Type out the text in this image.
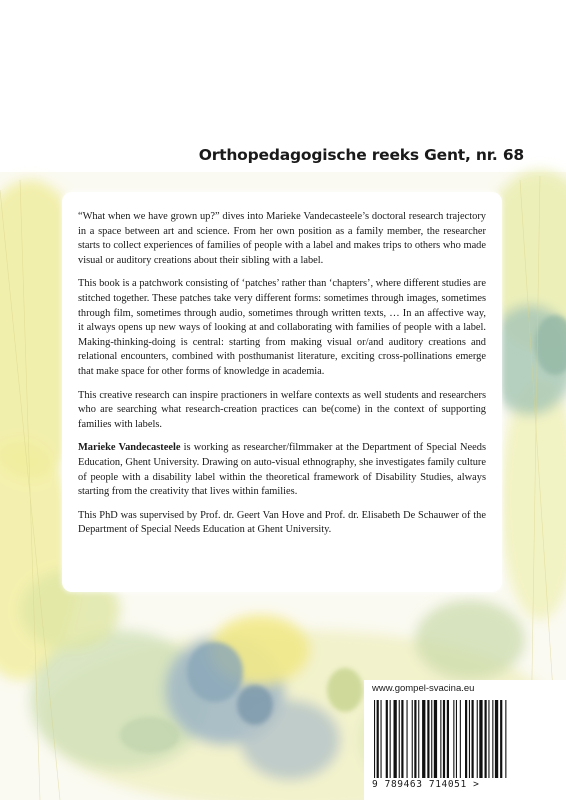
Orthopedagogische reeks Gent, nr. 68

“What when we have grown up?” dives into Marieke Vandecasteele’s doctoral research trajectory in a space between art and science. From her own position as a family member, the researcher starts to collect experiences of families of people with a label and makes trips to others who made visual or auditory creations about their sibling with a label.

This book is a patchwork consisting of ‘patches’ rather than ‘chapters’, where different studies are stitched together. These patches take very different forms: sometimes through images, sometimes through film, sometimes through audio, sometimes through written texts, … In an affective way, it always opens up new ways of looking at and collaborating with families of people with a label. Making-thinking-doing is central: starting from making visual or/and auditory creations and relational encounters, combined with posthumanist literature, exciting cross-pollinations emerge that make space for other forms of knowledge in academia.

This creative research can inspire practioners in welfare contexts as well students and researchers who are searching what research-creation practices can be(come) in the context of supporting families with labels.

Marieke Vandecasteele is working as researcher/filmmaker at the Department of Special Needs Education, Ghent University. Drawing on auto-visual ethnography, she investigates family culture of people with a disability label within the theoretical framework of Disability Studies, always starting from the creativity that lives within families.

This PhD was supervised by Prof. dr. Geert Van Hove and Prof. dr. Elisabeth De Schauwer of the Department of Special Needs Education at Ghent University.

www.gompel-svacina.eu
9 789463 714051 >
